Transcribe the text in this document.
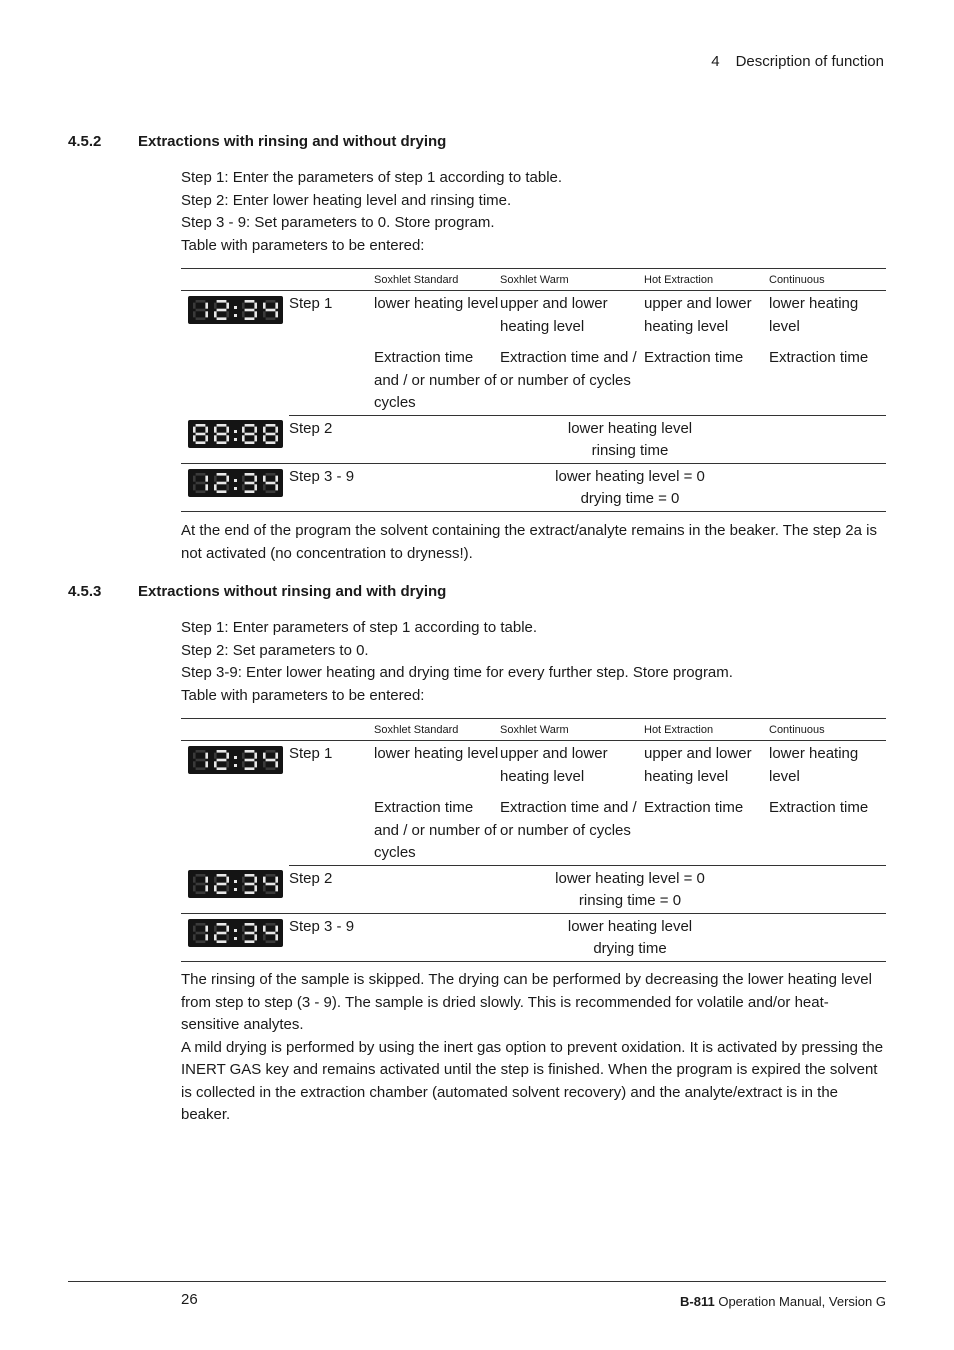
4 Description of function
4.5.2 Extractions with rinsing and without drying

Step 1: Enter the parameters of step 1 according to table.

Step 2: Enter lower heating level and rinsing time.

Step 3 - 9: Set parameters to 0. Store program.

Table with parameters to be entered:

		Soxhlet Standard	Soxhlet Warm	Hot Extraction	Continuous

	Step 1	lower heating level	upper and lower heating level	upper and lower heating level	lower heating level
		Extraction time and / or number of cycles	Extraction time and / or number of cycles	Extraction time	Extraction time

	Step 2	lower heating level
rinsing time			

	Step 3 - 9	lower heating level = 0
drying time = 0			

At the end of the program the solvent containing the extract/analyte remains in the beaker. The step 2a is not activated (no concentration to dryness!).

4.5.3 Extractions without rinsing and with drying

Step 1: Enter parameters of step 1 according to table.

Step 2: Set parameters to 0.

Step 3-9: Enter lower heating and drying time for every further step. Store program.

Table with parameters to be entered:

		Soxhlet Standard	Soxhlet Warm	Hot Extraction	Continuous

	Step 1	lower heating level	upper and lower heating level	upper and lower heating level	lower heating level
		Extraction time and / or number of cycles	Extraction time and / or number of cycles	Extraction time	Extraction time

	Step 2	lower heating level = 0
rinsing time = 0			

	Step 3 - 9	lower heating level
drying time			

The rinsing of the sample is skipped. The drying can be performed by decreasing the lower heating level from step to step (3 - 9). The sample is dried slowly. This is recommended for volatile and/or heat-sensitive analytes.

A mild drying is performed by using the inert gas option to prevent oxidation. It is activated by pressing the INERT GAS key and remains activated until the step is finished. When the program is expired the solvent is collected in the extraction chamber (automated solvent recovery) and the analyte/extract is in the beaker.

26	B-811 Operation Manual, Version G
